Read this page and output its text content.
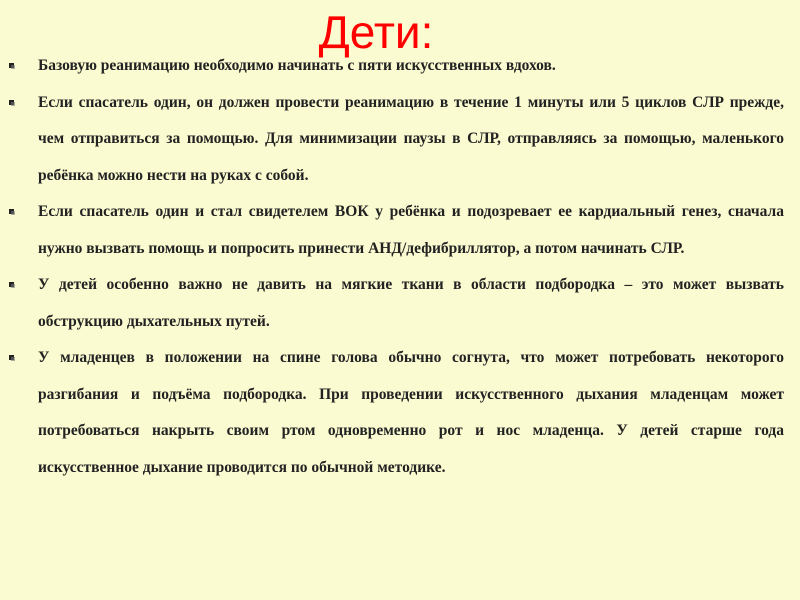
Дети:
Базовую реанимацию необходимо начинать с пяти искусственных вдохов.
Если спасатель один, он должен провести реанимацию в течение 1 минуты или 5 циклов СЛР прежде, чем отправиться за помощью. Для минимизации паузы в СЛР, отправляясь за помощью, маленького ребёнка можно нести на руках с собой.
Если спасатель один и стал свидетелем ВОК у ребёнка и подозревает ее кардиальный генез, сначала нужно вызвать помощь и попросить принести АНД/дефибриллятор, а потом начинать СЛР.
У детей особенно важно не давить на мягкие ткани в области подбородка – это может вызвать обструкцию дыхательных путей.
У младенцев в положении на спине голова обычно согнута, что может потребовать некоторого разгибания и подъёма подбородка. При проведении искусственного дыхания младенцам может потребоваться накрыть своим ртом одновременно рот и нос младенца. У детей старше года искусственное дыхание проводится по обычной методике.
